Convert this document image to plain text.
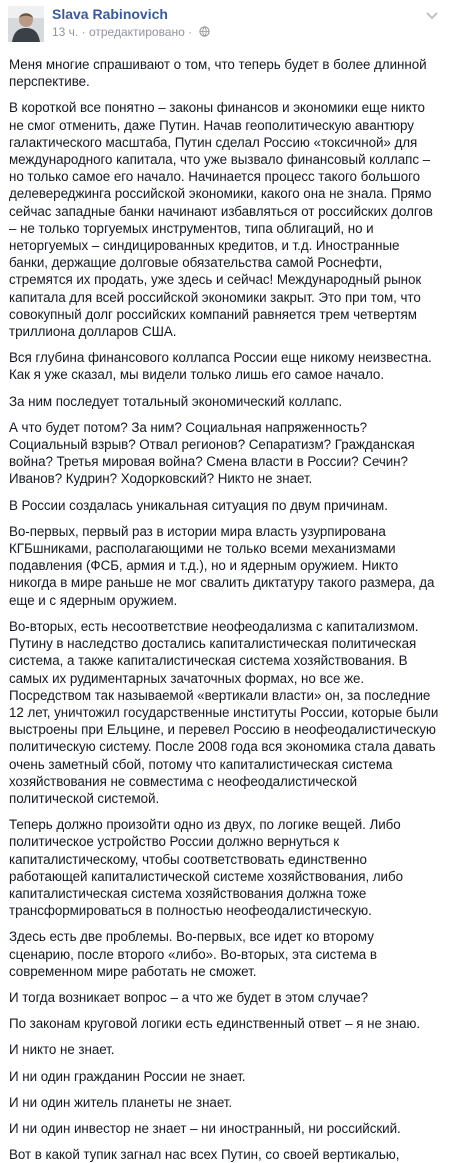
Slava Rabinovich
13 ч. · отредактировано ·

Меня многие спрашивают о том, что теперь будет в более длинной перспективе.

В короткой все понятно – законы финансов и экономики еще никто не смог отменить, даже Путин. Начав геополитическую авантюру галактического масштаба, Путин сделал Россию «токсичной» для международного капитала, что уже вызвало финансовый коллапс – но только самое его начало. Начинается процесс такого большого делевереджинга российской экономики, какого она не знала. Прямо сейчас западные банки начинают избавляться от российских долгов – не только торгуемых инструментов, типа облигаций, но и неторгуемых – синдицированных кредитов, и т.д. Иностранные банки, держащие долговые обязательства самой Роснефти, стремятся их продать, уже здесь и сейчас! Международный рынок капитала для всей российской экономики закрыт. Это при том, что совокупный долг российских компаний равняется трем четвертям триллиона долларов США.

Вся глубина финансового коллапса России еще никому неизвестна. Как я уже сказал, мы видели только лишь его самое начало.

За ним последует тотальный экономический коллапс.

А что будет потом? За ним? Социальная напряженность? Социальный взрыв? Отвал регионов? Сепаратизм? Гражданская война? Третья мировая война? Смена власти в России? Сечин? Иванов? Кудрин? Ходорковский? Никто не знает.

В России создалась уникальная ситуация по двум причинам.

Во-первых, первый раз в истории мира власть узурпирована КГБшниками, располагающими не только всеми механизмами подавления (ФСБ, армия и т.д.), но и ядерным оружием. Никто никогда в мире раньше не мог свалить диктатуру такого размера, да еще и с ядерным оружием.

Во-вторых, есть несоответствие неофеодализма с капитализмом. Путину в наследство достались капиталистическая политическая система, а также капиталистическая система хозяйствования. В самых их рудиментарных зачаточных формах, но все же. Посредством так называемой «вертикали власти» он, за последние 12 лет, уничтожил государственные институты России, которые были выстроены при Ельцине, и перевел Россию в неофеодалистическую политическую систему. После 2008 года вся экономика стала давать очень заметный сбой, потому что капиталистическая система хозяйствования не совместима с неофеодалистической политической системой.

Теперь должно произойти одно из двух, по логике вещей. Либо политическое устройство России должно вернуться к капиталистическому, чтобы соответствовать единственно работающей капиталистической системе хозяйствования, либо капиталистическая система хозяйствования должна тоже трансформироваться в полностью неофеодалистическую.

Здесь есть две проблемы. Во-первых, все идет ко второму сценарию, после второго «либо». Во-вторых, эта система в современном мире работать не сможет.

И тогда возникает вопрос – а что же будет в этом случае?

По законам круговой логики есть единственный ответ – я не знаю.

И никто не знает.

И ни один гражданин России не знает.

И ни один житель планеты не знает.

И ни один инвестор не знает – ни иностранный, ни российский.

Вот в какой тупик загнал нас всех Путин, со своей вертикалью,
